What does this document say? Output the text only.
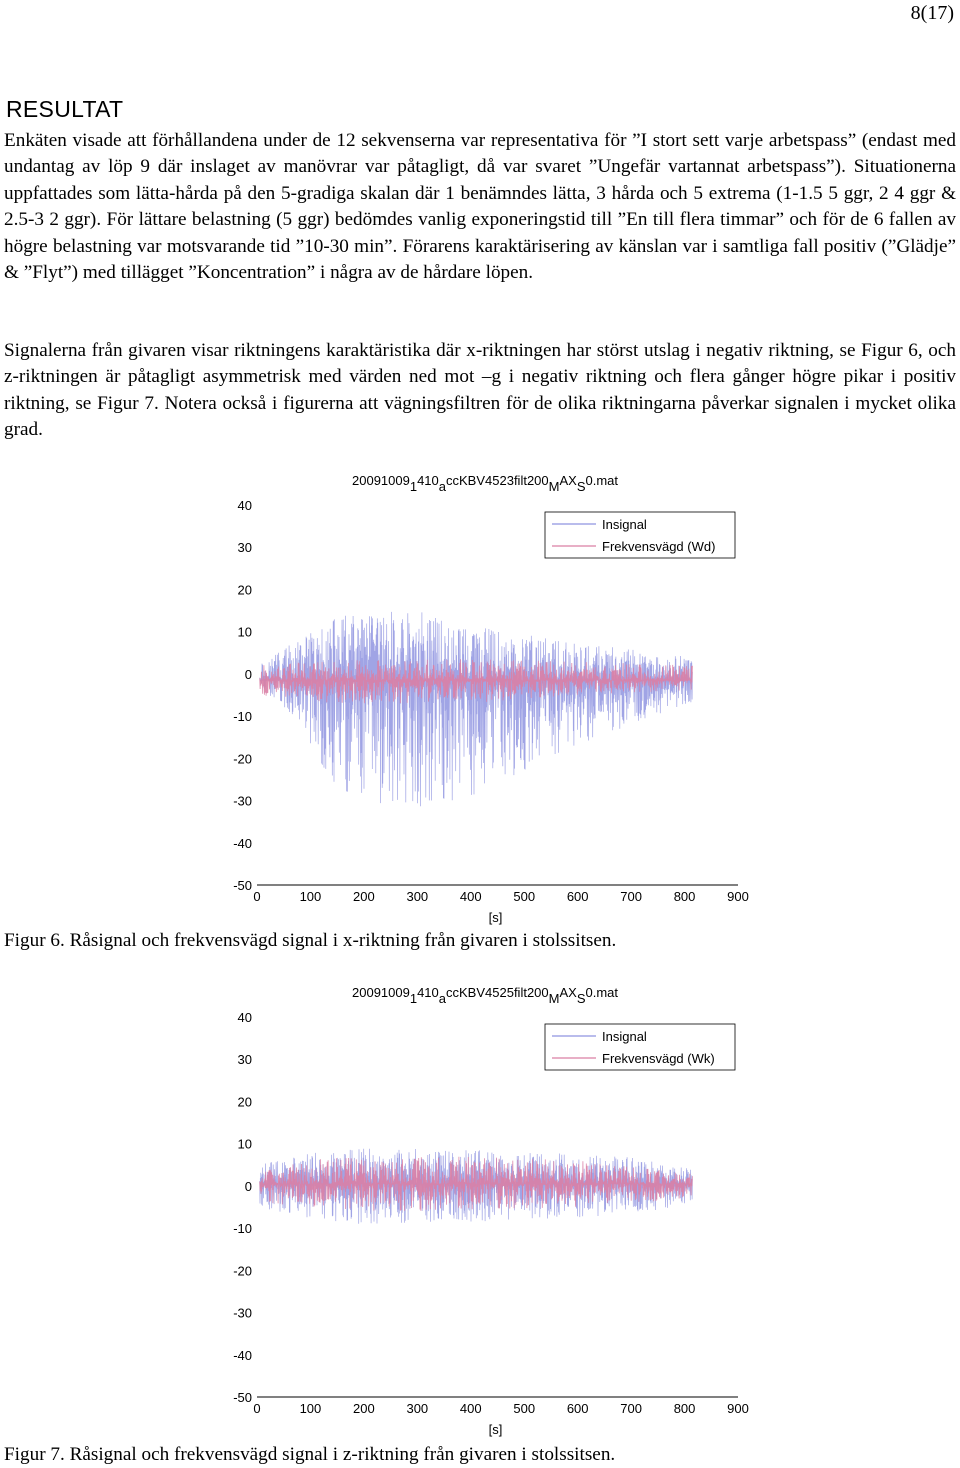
8(17)
RESULTAT

Enkäten visade att förhållandena under de 12 sekvenserna var representativa för ”I stort sett varje arbetspass” (endast med undantag av löp 9 där inslaget av manövrar var påtagligt, då var svaret ”Ungefär vartannat arbetspass”). Situationerna uppfattades som lätta-hårda på den 5-gradiga skalan där 1 benämndes lätta, 3 hårda och 5 extrema (1-1.5 5 ggr, 2 4 ggr & 2.5-3 2 ggr). För lättare belastning (5 ggr) bedömdes vanlig exponeringstid till ”En till flera timmar” och för de 6 fallen av högre belastning var motsvarande tid ”10-30 min”. Förarens karaktärisering av känslan var i samtliga fall positiv (”Glädje” & ”Flyt”) med tillägget ”Koncentration” i några av de hårdare löpen.

Signalerna från givaren visar riktningens karaktäristika där x-riktningen har störst utslag i negativ riktning, se Figur 6, och z-riktningen är påtagligt asymmetrisk med värden ned mot –g i negativ riktning och flera gånger högre pikar i positiv riktning, se Figur 7. Notera också i figurerna att vägningsfiltren för de olika riktningarna påverkar signalen i mycket olika grad.

40
30
20
10
0
-10
-20
-30
-40
-50
0	100 200 300 400 500 600 700 800 900
[s]
200910091410accKBV4523filt200MAXS0.mat
Insignal
Frekvensvägd (Wd)

Figur 6. Råsignal och frekvensvägd signal i x-riktning från givaren i stolssitsen.

40
30
20
10
0
-10
-20
-30
-40
-50
0	100 200 300 400 500 600 700 800 900
[s]
200910091410accKBV4525filt200MAXS0.mat
Insignal
Frekvensvägd (Wk)

Figur 7. Råsignal och frekvensvägd signal i z-riktning från givaren i stolssitsen.
